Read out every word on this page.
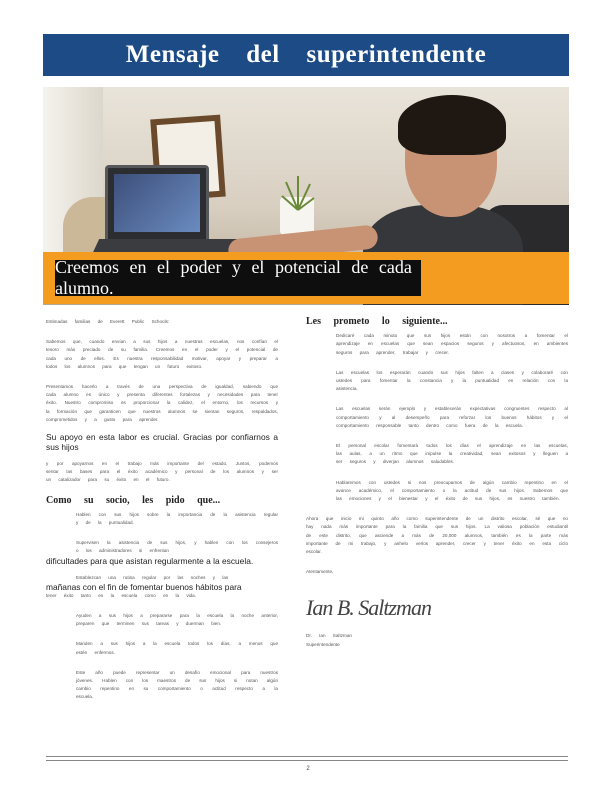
Mensaje del superintendente
Creemos en el poder y el potencial de cada alumno.

Estimadas familias de Everett Public Schools:

Sabemos que, cuando envían a sus hijos a nuestras escuelas, nos confían el tesoro más preciado de su familia. Creemos en el poder y el potencial de cada uno de ellos. Es nuestra responsabilidad motivar, apoyar y preparar a todos los alumnos para que tengan un futuro exitoso.

Presentamos hacerlo a través de una perspectiva de igualdad, sabiendo que cada alumno es único y presenta diferentes fortalezas y necesidades para tener éxito. Nuestro compromiso es proporcionar la calidez, el entorno, los recursos y la formación que garanticen que nuestros alumnos se sientan seguros, respaldados, comprometidos y a gusto para aprender.

Su apoyo en esta labor es crucial. Gracias por confiarnos a sus hijos

y por apoyarnos en el trabajo más importante del estado. Juntos, podemos sentar las bases para el éxito académico y personal de los alumnos y ser un catalizador para su éxito en el futuro.

Como su socio, les pido que...

Hablen con sus hijos sobre la importancia de la asistencia regular y de la puntualidad.

Supervisen la asistencia de sus hijos, y hablen con los consejeros o los administradores si enfrentan

dificultades para que asistan regularmente a la escuela.

Establezcan una rutina regular por las noches y las

mañanas con el fin de fomentar buenos hábitos para

tener éxito tanto en la escuela como en la vida.

Ayuden a sus hijos a prepararse para la escuela la noche anterior, preparen que terminen sus tareas y duerman bien.

Manden a sus hijos a la escuela todos los días, a menos que estén enfermos.

Este año puede representar un desafío emocional para nuestros jóvenes. Hablen con los maestros de sus hijos si notan algún cambio repentino en su comportamiento o actitud respecto a la escuela.

Les prometo lo siguiente...

Dedicaré cada minuto que sus hijos están con nosotros a fomentar el aprendizaje en escuelas que sean espacios seguros y afectuosos, en ambientes seguros para aprender, trabajar y crecer.

Las escuelas los esperarán cuando sus hijos falten a clases y colaboraré con ustedes para fomentar la constancia y la puntualidad en relación con la asistencia.

Las escuelas serán ejemplo y establecerán expectativas congruentes respecto al comportamiento y al desempeño para reforzar los buenos hábitos y el comportamiento responsable tanto dentro como fuera de la escuela.

El personal escolar fomentará todos los días el aprendizaje en las escuelas, las aulas, a un ritmo que impulse la creatividad, sean exitosos y lleguen a ser seguros y diverjan alumnos saludables.

Hablaremos con ustedes si nos preocupamos de algún cambio repentino en el avance académico, el comportamiento o la actitud de sus hijos. Sabemos que las emociones y el bienestar y el éxito de sus hijos, es nuestro también.

Ahora que inicio mi quinto año como superintendente de un distrito escolar, sé que no hay nada más importante para la familia que sus hijos. La valiosa población estudiantil de este distrito, que asciende a más de 20,000 alumnos, también es la parte más importante de mi trabajo, y anhelo verlos aprender, crecer y tener éxito en esta ciclo escolar.

Atentamente,

Ian B. Saltzman

Dr. Ian Saltzman
Superintendente

2
